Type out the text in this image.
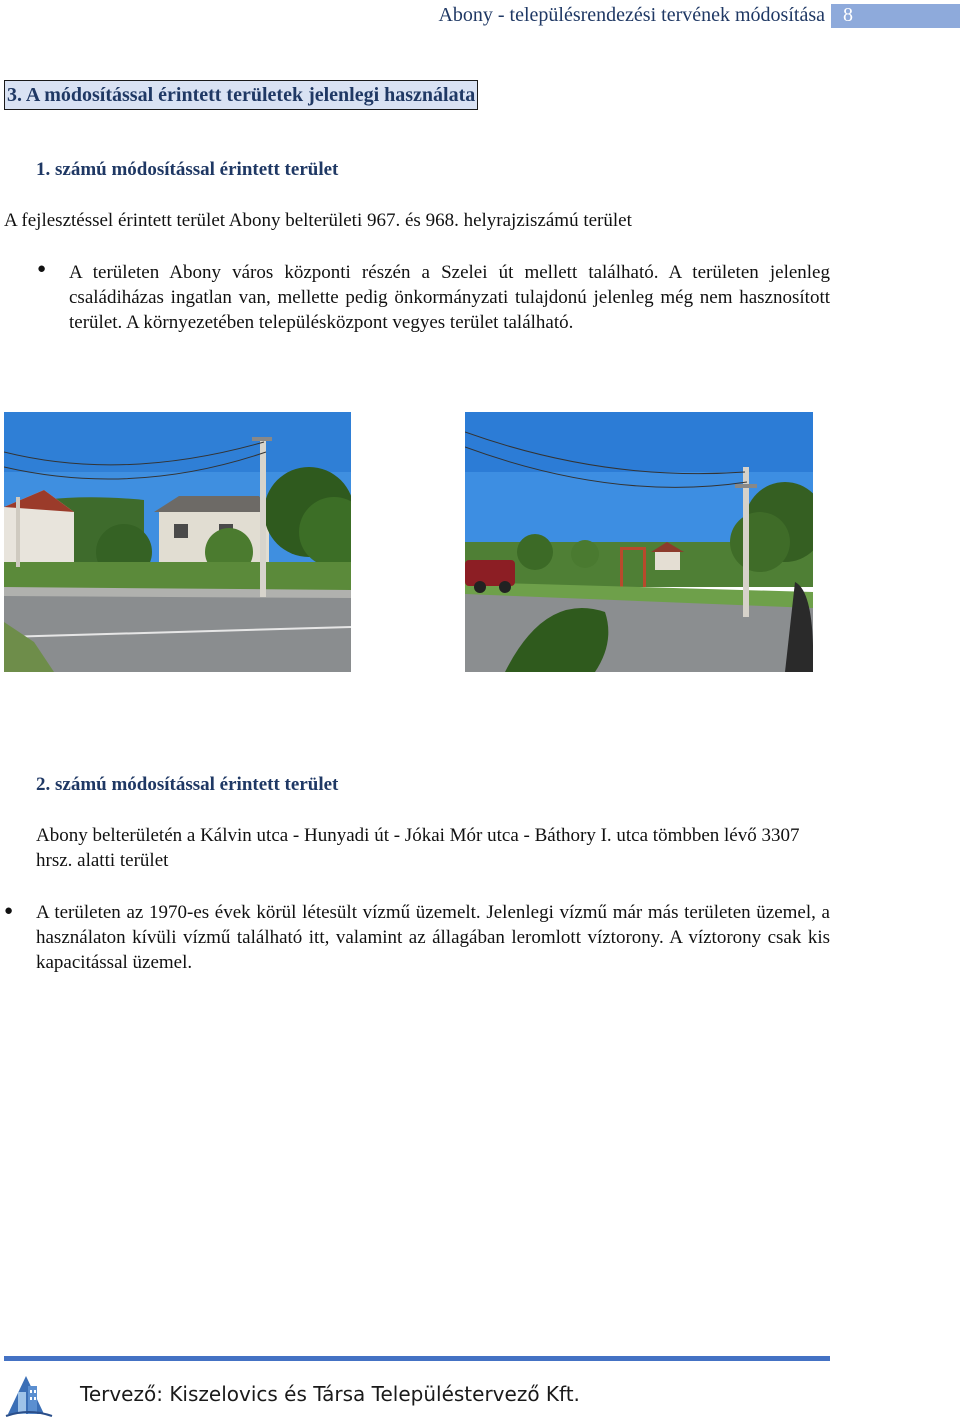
Abony - településrendezési tervének módosítása 8
3. A módosítással érintett területek jelenlegi használata
1. számú módosítással érintett terület
A fejlesztéssel érintett terület Abony belterületi 967. és 968. helyrajziszámú terület
● A területen Abony város központi részén a Szelei út mellett található. A területen jelenleg családiházas ingatlan van, mellette pedig önkormányzati tulajdonú jelenleg még nem hasznosított terület. A környezetében településközpont vegyes terület található.
2. számú módosítással érintett terület
Abony belterületén a Kálvin utca - Hunyadi út - Jókai Mór utca - Báthory I. utca tömbben lévő 3307 hrsz. alatti terület
● A területen az 1970-es évek körül létesült vízmű üzemelt. Jelenlegi vízmű már más területen üzemel, a használaton kívüli vízmű található itt, valamint az állagában leromlott víztorony. A víztorony csak kis kapacitással üzemel.
Tervező: Kiszelovics és Társa Településtervező Kft.
